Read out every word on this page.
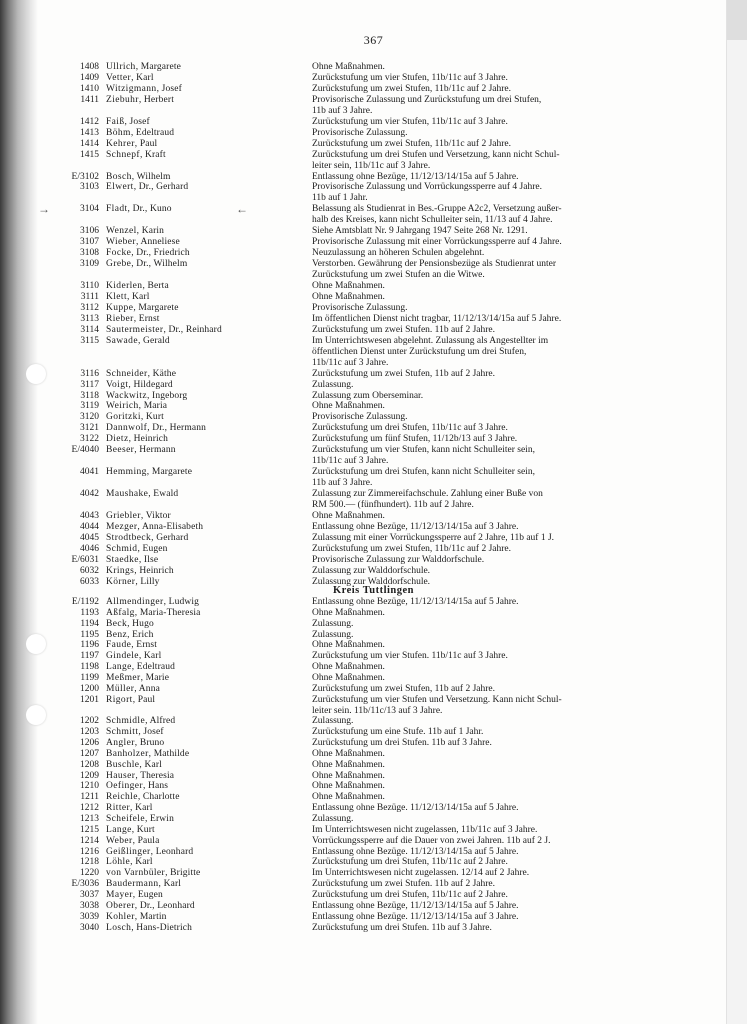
367
→	←
1408 Ullrich, Margarete	Ohne Maßnahmen.
1409 Vetter, Karl	Zurückstufung um vier Stufen, 11b/11c auf 3 Jahre.
1410 Witzigmann, Josef	Zurückstufung um zwei Stufen, 11b/11c auf 2 Jahre.
1411 Ziebuhr, Herbert	Provisorische Zulassung und Zurückstufung um drei Stufen,
11b auf 3 Jahre.
1412 Faiß, Josef	Zurückstufung um vier Stufen, 11b/11c auf 3 Jahre.
1413 Böhm, Edeltraud	Provisorische Zulassung.
1414 Kehrer, Paul	Zurückstufung um zwei Stufen, 11b/11c auf 2 Jahre.
1415 Schnepf, Kraft	Zurückstufung um drei Stufen und Versetzung, kann nicht Schul-
leiter sein, 11b/11c auf 3 Jahre.
E/3102 Bosch, Wilhelm	Entlassung ohne Bezüge, 11/12/13/14/15a auf 5 Jahre.
3103 Elwert, Dr., Gerhard	Provisorische Zulassung und Vorrückungssperre auf 4 Jahre.
11b auf 1 Jahr.
3104 Fladt, Dr., Kuno	Belassung als Studienrat in Bes.-Gruppe A2c2, Versetzung außer-
halb des Kreises, kann nicht Schulleiter sein, 11/13 auf 4 Jahre.
3106 Wenzel, Karin	Siehe Amtsblatt Nr. 9 Jahrgang 1947 Seite 268 Nr. 1291.
3107 Wieber, Anneliese	Provisorische Zulassung mit einer Vorrückungssperre auf 4 Jahre.
3108 Focke, Dr., Friedrich	Neuzulassung an höheren Schulen abgelehnt.
3109 Grebe, Dr., Wilhelm	Verstorben. Gewährung der Pensionsbezüge als Studienrat unter
Zurückstufung um zwei Stufen an die Witwe.
3110 Kiderlen, Berta	Ohne Maßnahmen.
3111 Klett, Karl	Ohne Maßnahmen.
3112 Kuppe, Margarete	Provisorische Zulassung.
3113 Rieber, Ernst	Im öffentlichen Dienst nicht tragbar, 11/12/13/14/15a auf 5 Jahre.
3114 Sautermeister, Dr., Reinhard	Zurückstufung um zwei Stufen. 11b auf 2 Jahre.
3115 Sawade, Gerald	Im Unterrichtswesen abgelehnt. Zulassung als Angestellter im
öffentlichen Dienst unter Zurückstufung um drei Stufen,
11b/11c auf 3 Jahre.
3116 Schneider, Käthe	Zurückstufung um zwei Stufen, 11b auf 2 Jahre.
3117 Voigt, Hildegard	Zulassung.
3118 Wackwitz, Ingeborg	Zulassung zum Oberseminar.
3119 Weirich, Maria	Ohne Maßnahmen.
3120 Goritzki, Kurt	Provisorische Zulassung.
3121 Dannwolf, Dr., Hermann	Zurückstufung um drei Stufen, 11b/11c auf 3 Jahre.
3122 Dietz, Heinrich	Zurückstufung um fünf Stufen, 11/12b/13 auf 3 Jahre.
E/4040 Beeser, Hermann	Zurückstufung um vier Stufen, kann nicht Schulleiter sein,
11b/11c auf 3 Jahre.
4041 Hemming, Margarete	Zurückstufung um drei Stufen, kann nicht Schulleiter sein,
11b auf 3 Jahre.
4042 Maushake, Ewald	Zulassung zur Zimmereifachschule. Zahlung einer Buße von
RM 500.— (fünfhundert). 11b auf 2 Jahre.
4043 Griebler, Viktor	Ohne Maßnahmen.
4044 Mezger, Anna-Elisabeth	Entlassung ohne Bezüge, 11/12/13/14/15a auf 3 Jahre.
4045 Strodtbeck, Gerhard	Zulassung mit einer Vorrückungssperre auf 2 Jahre, 11b auf 1 J.
4046 Schmid, Eugen	Zurückstufung um zwei Stufen, 11b/11c auf 2 Jahre.
E/6031 Staedke, Ilse	Provisorische Zulassung zur Walddorfschule.
6032 Krings, Heinrich	Zulassung zur Walddorfschule.
6033 Körner, Lilly	Zulassung zur Walddorfschule.
Kreis Tuttlingen
E/1192 Allmendinger, Ludwig	Entlassung ohne Bezüge, 11/12/13/14/15a auf 5 Jahre.
1193 Aßfalg, Maria-Theresia	Ohne Maßnahmen.
1194 Beck, Hugo	Zulassung.
1195 Benz, Erich	Zulassung.
1196 Faude, Ernst	Ohne Maßnahmen.
1197 Gindele, Karl	Zurückstufung um vier Stufen. 11b/11c auf 3 Jahre.
1198 Lange, Edeltraud	Ohne Maßnahmen.
1199 Meßmer, Marie	Ohne Maßnahmen.
1200 Müller, Anna	Zurückstufung um zwei Stufen, 11b auf 2 Jahre.
1201 Rigort, Paul	Zurückstufung um vier Stufen und Versetzung. Kann nicht Schul-
leiter sein. 11b/11c/13 auf 3 Jahre.
1202 Schmidle, Alfred	Zulassung.
1203 Schmitt, Josef	Zurückstufung um eine Stufe. 11b auf 1 Jahr.
1206 Angler, Bruno	Zurückstufung um drei Stufen. 11b auf 3 Jahre.
1207 Banholzer, Mathilde	Ohne Maßnahmen.
1208 Buschle, Karl	Ohne Maßnahmen.
1209 Hauser, Theresia	Ohne Maßnahmen.
1210 Oefinger, Hans	Ohne Maßnahmen.
1211 Reichle, Charlotte	Ohne Maßnahmen.
1212 Ritter, Karl	Entlassung ohne Bezüge. 11/12/13/14/15a auf 5 Jahre.
1213 Scheifele, Erwin	Zulassung.
1215 Lange, Kurt	Im Unterrichtswesen nicht zugelassen, 11b/11c auf 3 Jahre.
1214 Weber, Paula	Vorrückungssperre auf die Dauer von zwei Jahren. 11b auf 2 J.
1216 Geißlinger, Leonhard	Entlassung ohne Bezüge. 11/12/13/14/15a auf 5 Jahre.
1218 Löhle, Karl	Zurückstufung um drei Stufen, 11b/11c auf 2 Jahre.
1220 von Varnbüler, Brigitte	Im Unterrichtswesen nicht zugelassen. 12/14 auf 2 Jahre.
E/3036 Baudermann, Karl	Zurückstufung um zwei Stufen. 11b auf 2 Jahre.
3037 Mayer, Eugen	Zurückstufung um drei Stufen, 11b/11c auf 2 Jahre.
3038 Oberer, Dr., Leonhard	Entlassung ohne Bezüge, 11/12/13/14/15a auf 5 Jahre.
3039 Kohler, Martin	Entlassung ohne Bezüge. 11/12/13/14/15a auf 3 Jahre.
3040 Losch, Hans-Dietrich	Zurückstufung um drei Stufen. 11b auf 3 Jahre.
